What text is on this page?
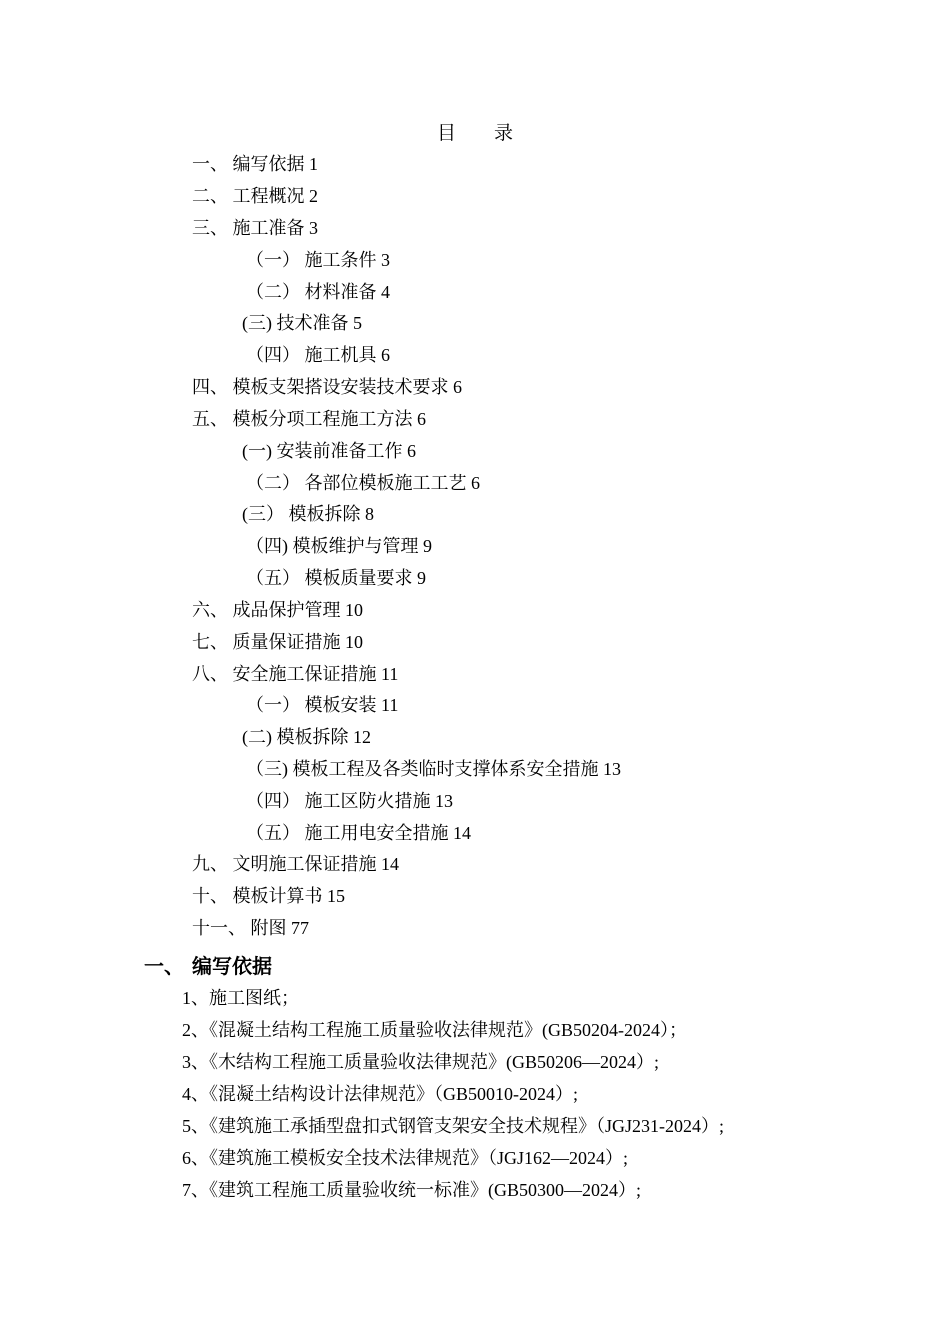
目 录
一、 编写依据 1
二、 工程概况 2
三、 施工准备 3
（一） 施工条件 3
（二） 材料准备 4
(三) 技术准备 5
（四） 施工机具 6
四、 模板支架搭设安装技术要求 6
五、 模板分项工程施工方法 6
(一) 安装前准备工作 6
（二） 各部位模板施工工艺 6
(三） 模板拆除 8
（四) 模板维护与管理 9
（五） 模板质量要求 9
六、 成品保护管理 10
七、 质量保证措施 10
八、 安全施工保证措施 11
（一） 模板安装 11
(二) 模板拆除 12
（三) 模板工程及各类临时支撑体系安全措施 13
（四） 施工区防火措施 13
（五） 施工用电安全措施 14
九、 文明施工保证措施 14
十、 模板计算书 15
十一、 附图 77
一、 编写依据
1、施工图纸；
2、《混凝土结构工程施工质量验收法律规范》(GB50204-2024）；
3、《木结构工程施工质量验收法律规范》(GB50206—2024）;
4、《混凝土结构设计法律规范》（GB50010-2024）;
5、《建筑施工承插型盘扣式钢管支架安全技术规程》（JGJ231-2024）;
6、《建筑施工模板安全技术法律规范》（JGJ162—2024）;
7、《建筑工程施工质量验收统一标准》(GB50300—2024）;
